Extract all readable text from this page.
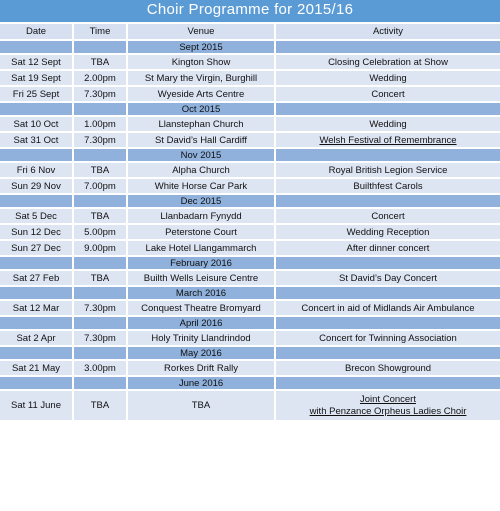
Choir Programme for 2015/16
Date	Time	Venue	Activity
		Sept 2015	
Sat 12 Sept	TBA	Kington Show	Closing Celebration at Show
Sat 19 Sept	2.00pm	St Mary the Virgin, Burghill	Wedding
Fri 25 Sept	7.30pm	Wyeside Arts Centre	Concert
		Oct 2015	
Sat 10 Oct	1.00pm	Llanstephan Church	Wedding
Sat 31 Oct	7.30pm	St David’s Hall Cardiff	Welsh Festival of Remembrance
		Nov 2015	
Fri 6 Nov	TBA	Alpha Church	Royal British Legion Service
Sun 29 Nov	7.00pm	White Horse Car Park	Builthfest Carols
		Dec 2015	
Sat 5 Dec	TBA	Llanbadarn Fynydd	Concert
Sun 12 Dec	5.00pm	Peterstone Court	Wedding Reception
Sun 27 Dec	9.00pm	Lake Hotel Llangammarch	After dinner concert
		February 2016	
Sat 27 Feb	TBA	Builth Wells Leisure Centre	St David’s Day Concert
		March 2016	
Sat 12 Mar	7.30pm	Conquest Theatre Bromyard	Concert in aid of Midlands Air Ambulance
		April 2016	
Sat 2 Apr	7.30pm	Holy Trinity Llandrindod	Concert for Twinning Association
		May 2016	
Sat 21 May	3.00pm	Rorkes Drift Rally	Brecon Showground
		June 2016	
Sat 11 June	TBA	TBA	Joint Concert
with Penzance Orpheus Ladies Choir
